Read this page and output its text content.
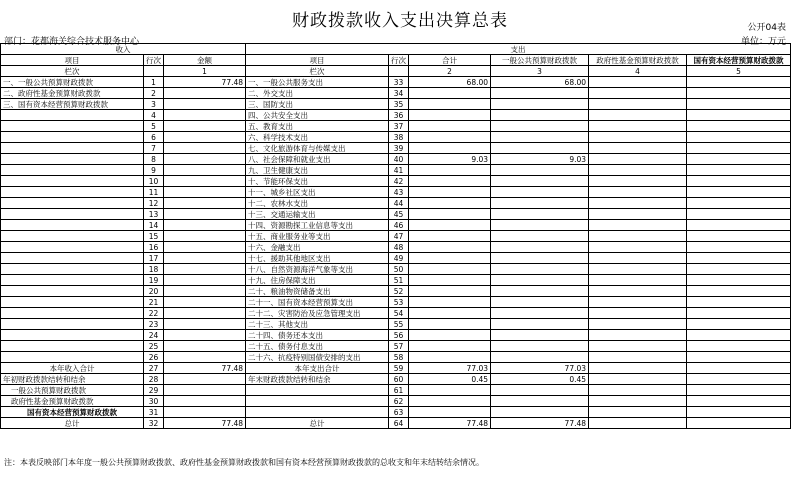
财政拨款收入支出决算总表	公开04表
部门：花都海关综合技术服务中心	单位：万元
收入			支出					
项目	行次	金额	项目	行次	合计	一般公共预算财政拨款	政府性基金预算财政拨款	国有资本经营预算财政拨款
栏次		1	栏次		2	3	4	5
一、一般公共预算财政拨款	1	77.48	一、一般公共服务支出	33	68.00	68.00		
二、政府性基金预算财政拨款	2		二、外交支出	34				
三、国有资本经营预算财政拨款	3		三、国防支出	35				
	4		四、公共安全支出	36				
	5		五、教育支出	37				
	6		六、科学技术支出	38				
	7		七、文化旅游体育与传媒支出	39				
	8		八、社会保障和就业支出	40	9.03	9.03		
	9		九、卫生健康支出	41				
	10		十、节能环保支出	42				
	11		十一、城乡社区支出	43				
	12		十二、农林水支出	44				
	13		十三、交通运输支出	45				
	14		十四、资源勘探工业信息等支出	46				
	15		十五、商业服务业等支出	47				
	16		十六、金融支出	48				
	17		十七、援助其他地区支出	49				
	18		十八、自然资源海洋气象等支出	50				
	19		十九、住房保障支出	51				
	20		二十、粮油物资储备支出	52				
	21		二十一、国有资本经营预算支出	53				
	22		二十二、灾害防治及应急管理支出	54				
	23		二十三、其他支出	55				
	24		二十四、债务还本支出	56				
	25		二十五、债务付息支出	57				
	26		二十六、抗疫特别国债安排的支出	58				
本年收入合计	27	77.48	本年支出合计	59	77.03	77.03		
年初财政拨款结转和结余	28		年末财政拨款结转和结余	60	0.45	0.45		
一般公共预算财政拨款	29			61				
政府性基金预算财政拨款	30			62				
国有资本经营预算财政拨款	31			63				
总计	32	77.48	总计	64	77.48	77.48		
注：本表反映部门本年度一般公共预算财政拨款、政府性基金预算财政拨款和国有资本经营预算财政拨款的总收支和年末结转结余情况。
